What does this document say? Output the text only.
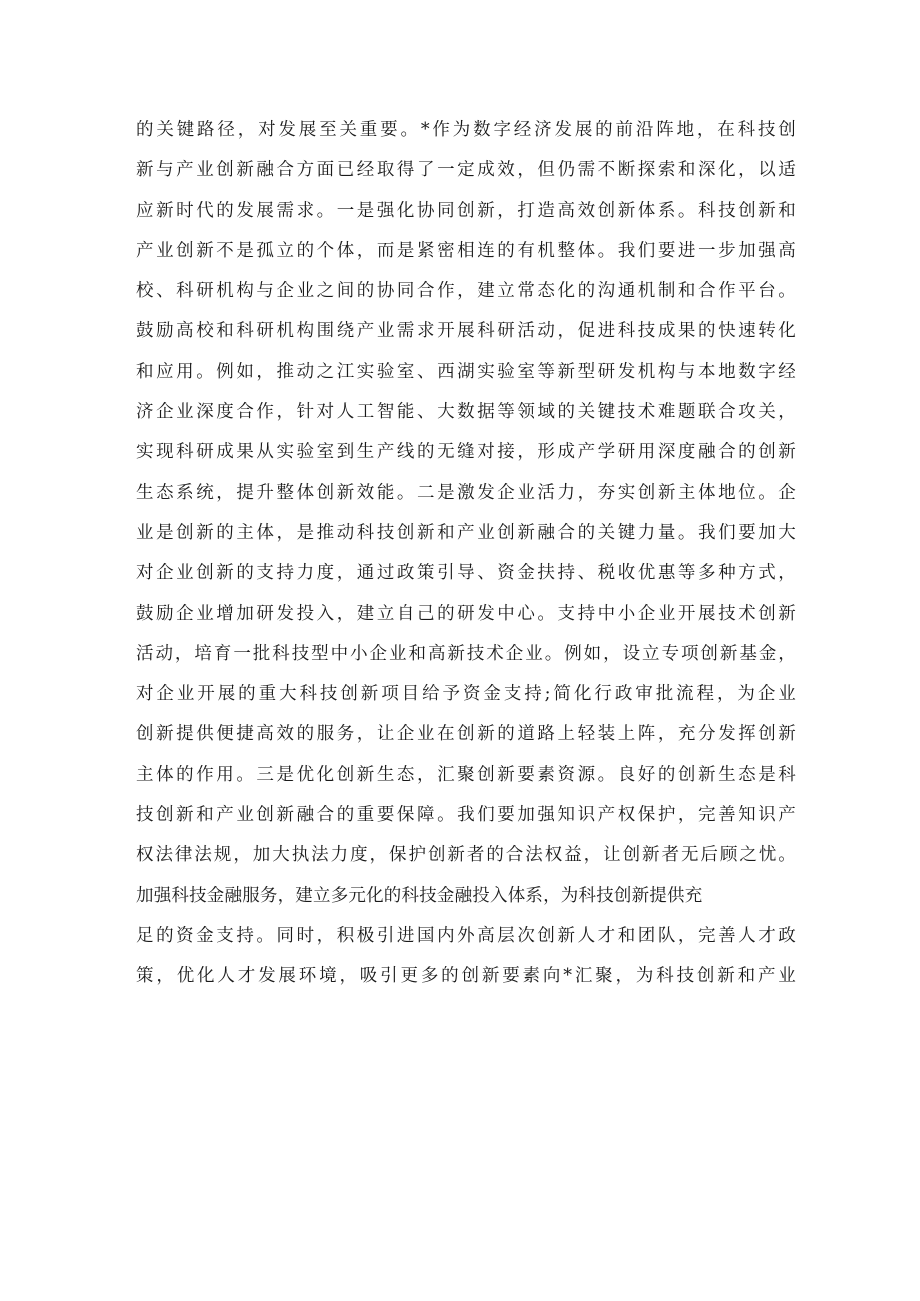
的关键路径，对发展至关重要。*作为数字经济发展的前沿阵地，在科技创
新与产业创新融合方面已经取得了一定成效，但仍需不断探索和深化，以适
应新时代的发展需求。一是强化协同创新，打造高效创新体系。科技创新和
产业创新不是孤立的个体，而是紧密相连的有机整体。我们要进一步加强高
校、科研机构与企业之间的协同合作，建立常态化的沟通机制和合作平台。
鼓励高校和科研机构围绕产业需求开展科研活动，促进科技成果的快速转化
和应用。例如，推动之江实验室、西湖实验室等新型研发机构与本地数字经
济企业深度合作，针对人工智能、大数据等领域的关键技术难题联合攻关，
实现科研成果从实验室到生产线的无缝对接，形成产学研用深度融合的创新
生态系统，提升整体创新效能。二是激发企业活力，夯实创新主体地位。企
业是创新的主体，是推动科技创新和产业创新融合的关键力量。我们要加大
对企业创新的支持力度，通过政策引导、资金扶持、税收优惠等多种方式，
鼓励企业增加研发投入，建立自己的研发中心。支持中小企业开展技术创新
活动，培育一批科技型中小企业和高新技术企业。例如，设立专项创新基金，
对企业开展的重大科技创新项目给予资金支持;简化行政审批流程，为企业
创新提供便捷高效的服务，让企业在创新的道路上轻装上阵，充分发挥创新
主体的作用。三是优化创新生态，汇聚创新要素资源。良好的创新生态是科
技创新和产业创新融合的重要保障。我们要加强知识产权保护，完善知识产
权法律法规，加大执法力度，保护创新者的合法权益，让创新者无后顾之忧。
加强科技金融服务，建立多元化的科技金融投入体系，为科技创新提供充
足的资金支持。同时，积极引进国内外高层次创新人才和团队，完善人才政
策，优化人才发展环境，吸引更多的创新要素向*汇聚，为科技创新和产业
